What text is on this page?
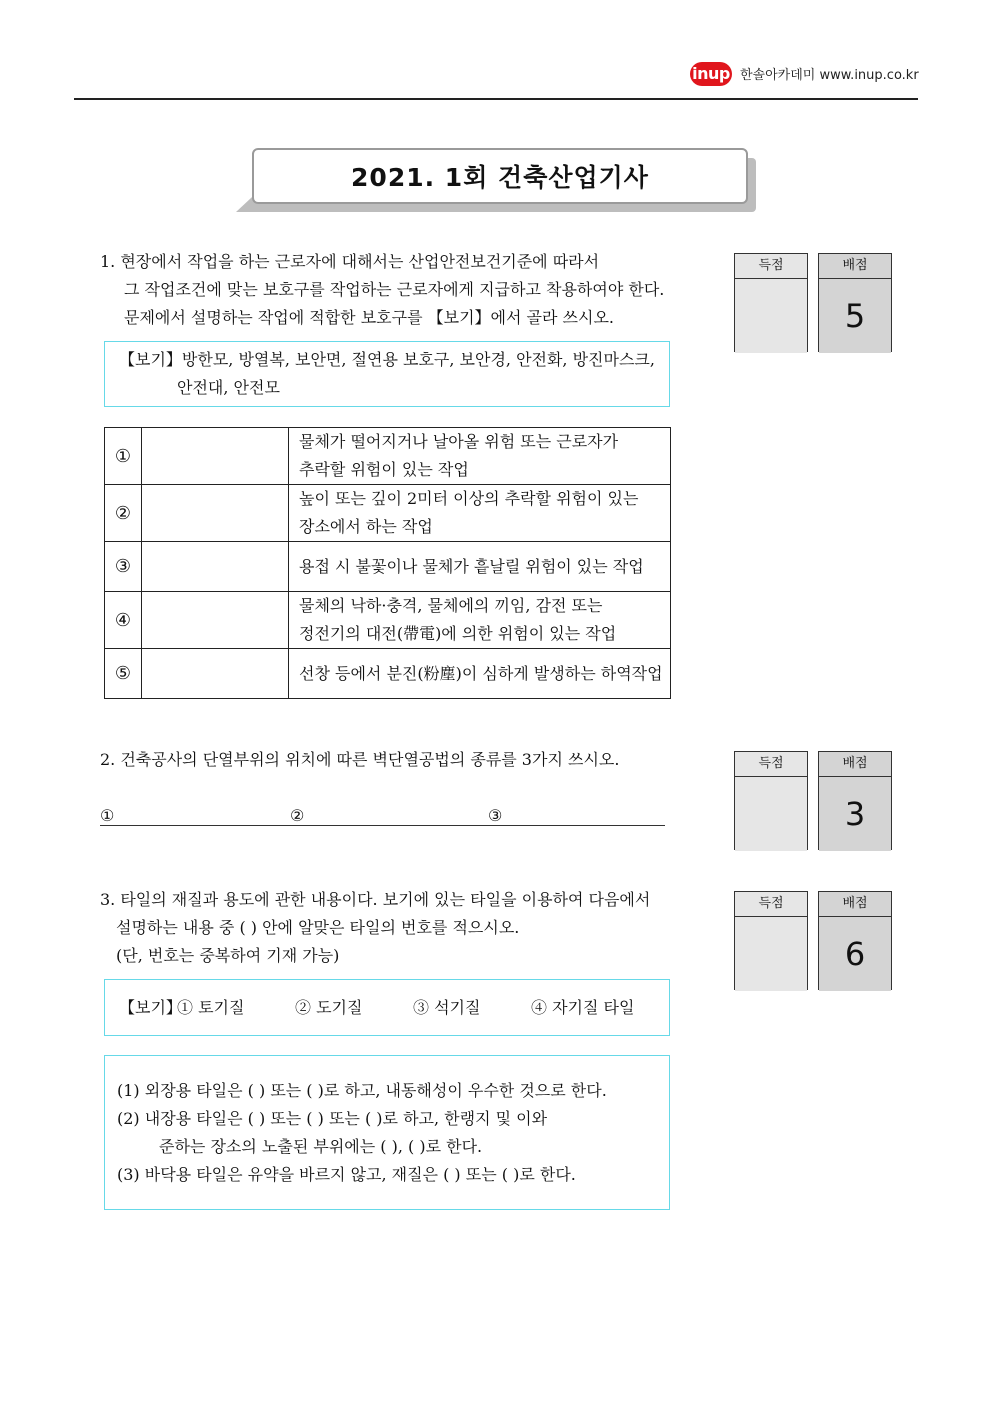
inup 한솔아카데미 www.inup.co.kr
2021. 1회 건축산업기사
1. 현장에서 작업을 하는 근로자에 대해서는 산업안전보건기준에 따라서
그 작업조건에 맞는 보호구를 작업하는 근로자에게 지급하고 착용하여야 한다.
문제에서 설명하는 작업에 적합한 보호구를 【보기】에서 골라 쓰시오.
【보기】방한모, 방열복, 보안면, 절연용 보호구, 보안경, 안전화, 방진마스크,
안전대, 안전모
①		물체가 떨어지거나 날아올 위험 또는 근로자가
추락할 위험이 있는 작업
②		높이 또는 깊이 2미터 이상의 추락할 위험이 있는
장소에서 하는 작업
③		용접 시 불꽃이나 물체가 흩날릴 위험이 있는 작업
④		물체의 낙하·충격, 물체에의 끼임, 감전 또는
정전기의 대전(帶電)에 의한 위험이 있는 작업
⑤		선창 등에서 분진(粉塵)이 심하게 발생하는 하역작업
득점	배점
5
2. 건축공사의 단열부위의 위치에 따른 벽단열공법의 종류를 3가지 쓰시오.
①	②	③
득점	배점
3
3. 타일의 재질과 용도에 관한 내용이다. 보기에 있는 타일을 이용하여 다음에서
설명하는 내용 중 ( ) 안에 알맞은 타일의 번호를 적으시오.
(단, 번호는 중복하여 기재 가능)
【보기】
① 토기질	② 도기질	③ 석기질	④ 자기질 타일
(1) 외장용 타일은 ( ) 또는 ( )로 하고, 내동해성이 우수한 것으로 한다.
(2) 내장용 타일은 ( ) 또는 ( ) 또는 ( )로 하고, 한랭지 및 이와
준하는 장소의 노출된 부위에는 ( ), ( )로 한다.
(3) 바닥용 타일은 유약을 바르지 않고, 재질은 ( ) 또는 ( )로 한다.
득점	배점
6
